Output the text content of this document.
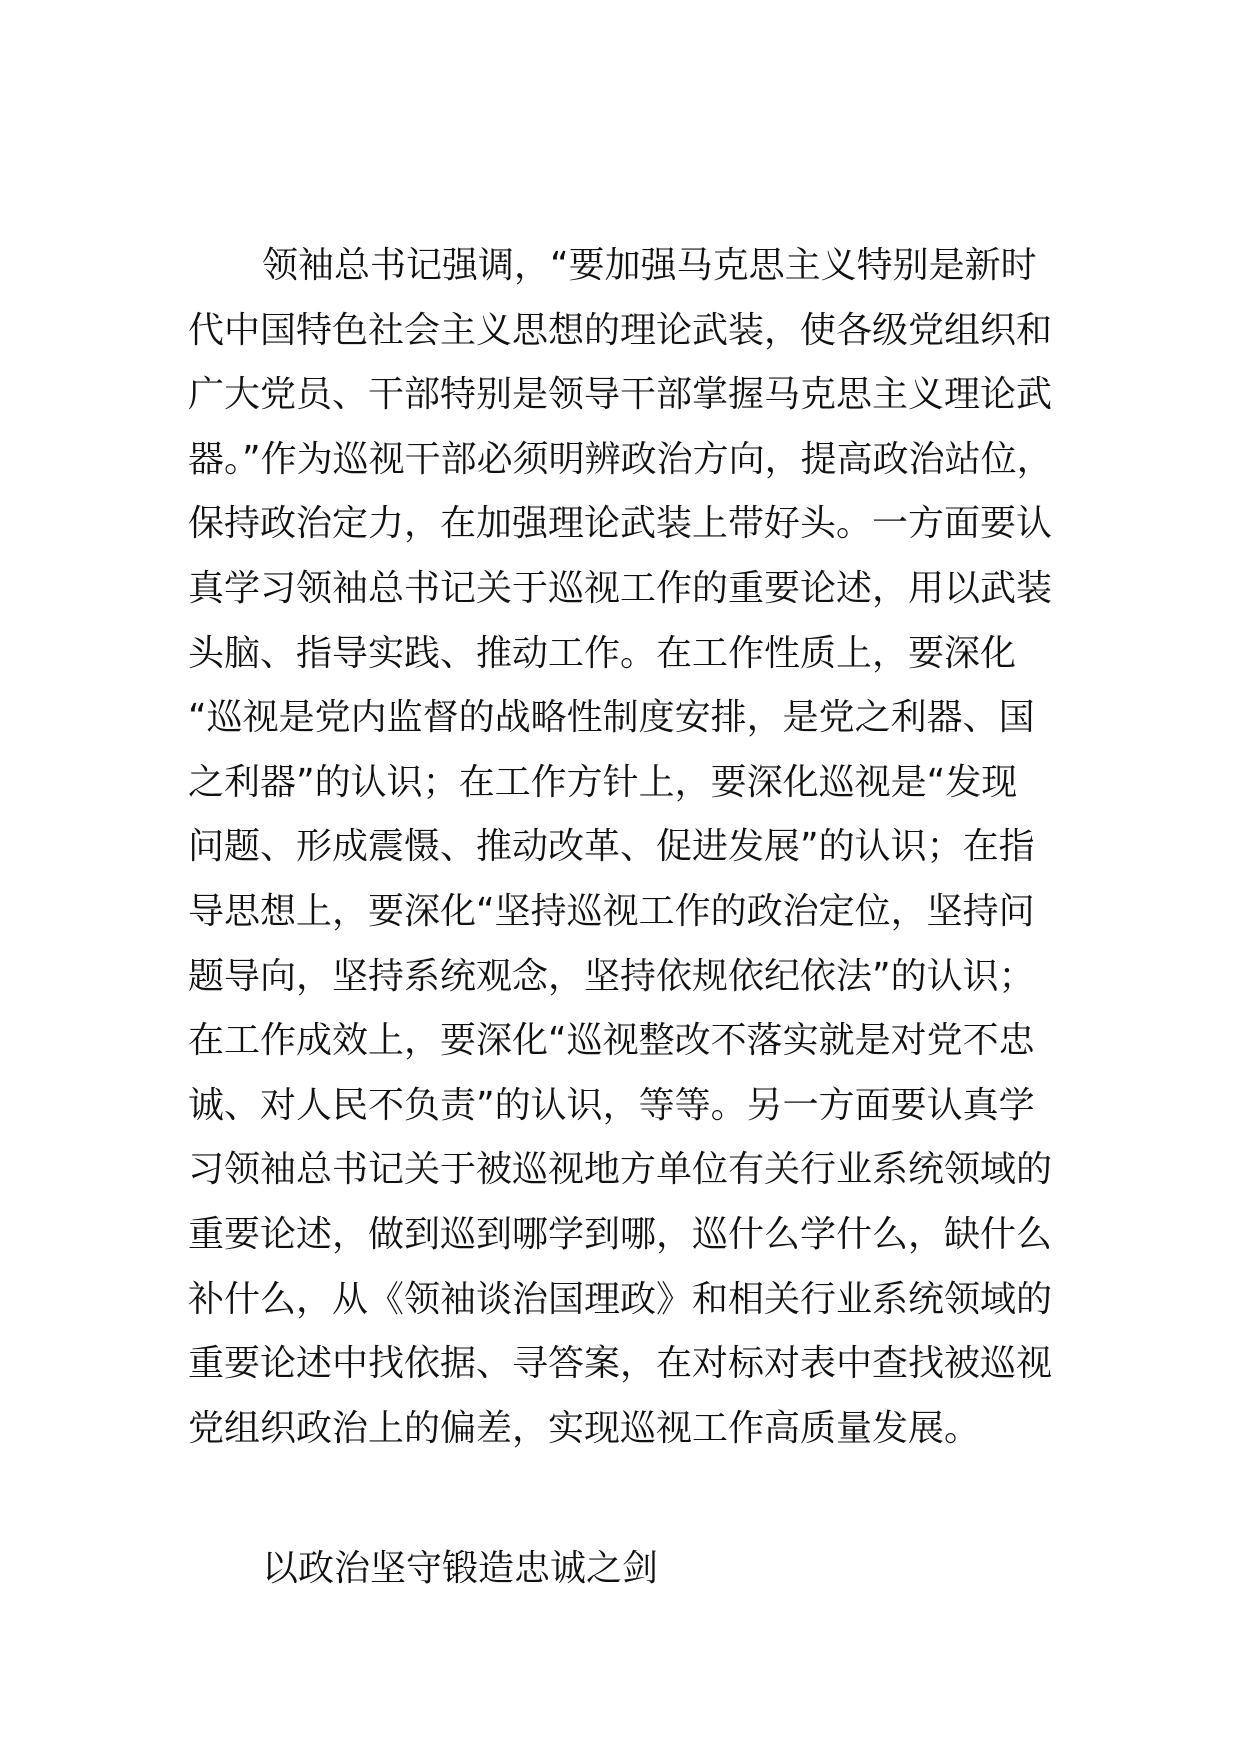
领袖总书记强调，“要加强马克思主义特别是新时
代中国特色社会主义思想的理论武装，使各级党组织和
广大党员、干部特别是领导干部掌握马克思主义理论武
器。”作为巡视干部必须明辨政治方向，提高政治站位，
保持政治定力，在加强理论武装上带好头。一方面要认
真学习领袖总书记关于巡视工作的重要论述，用以武装
头脑、指导实践、推动工作。在工作性质上，要深化
“巡视是党内监督的战略性制度安排，是党之利器、国
之利器”的认识；在工作方针上，要深化巡视是“发现
问题、形成震慑、推动改革、促进发展”的认识；在指
导思想上，要深化“坚持巡视工作的政治定位，坚持问
题导向，坚持系统观念，坚持依规依纪依法”的认识；
在工作成效上，要深化“巡视整改不落实就是对党不忠
诚、对人民不负责”的认识，等等。另一方面要认真学
习领袖总书记关于被巡视地方单位有关行业系统领域的
重要论述，做到巡到哪学到哪，巡什么学什么，缺什么
补什么，从《领袖谈治国理政》和相关行业系统领域的
重要论述中找依据、寻答案，在对标对表中查找被巡视
党组织政治上的偏差，实现巡视工作高质量发展。
以政治坚守锻造忠诚之剑
